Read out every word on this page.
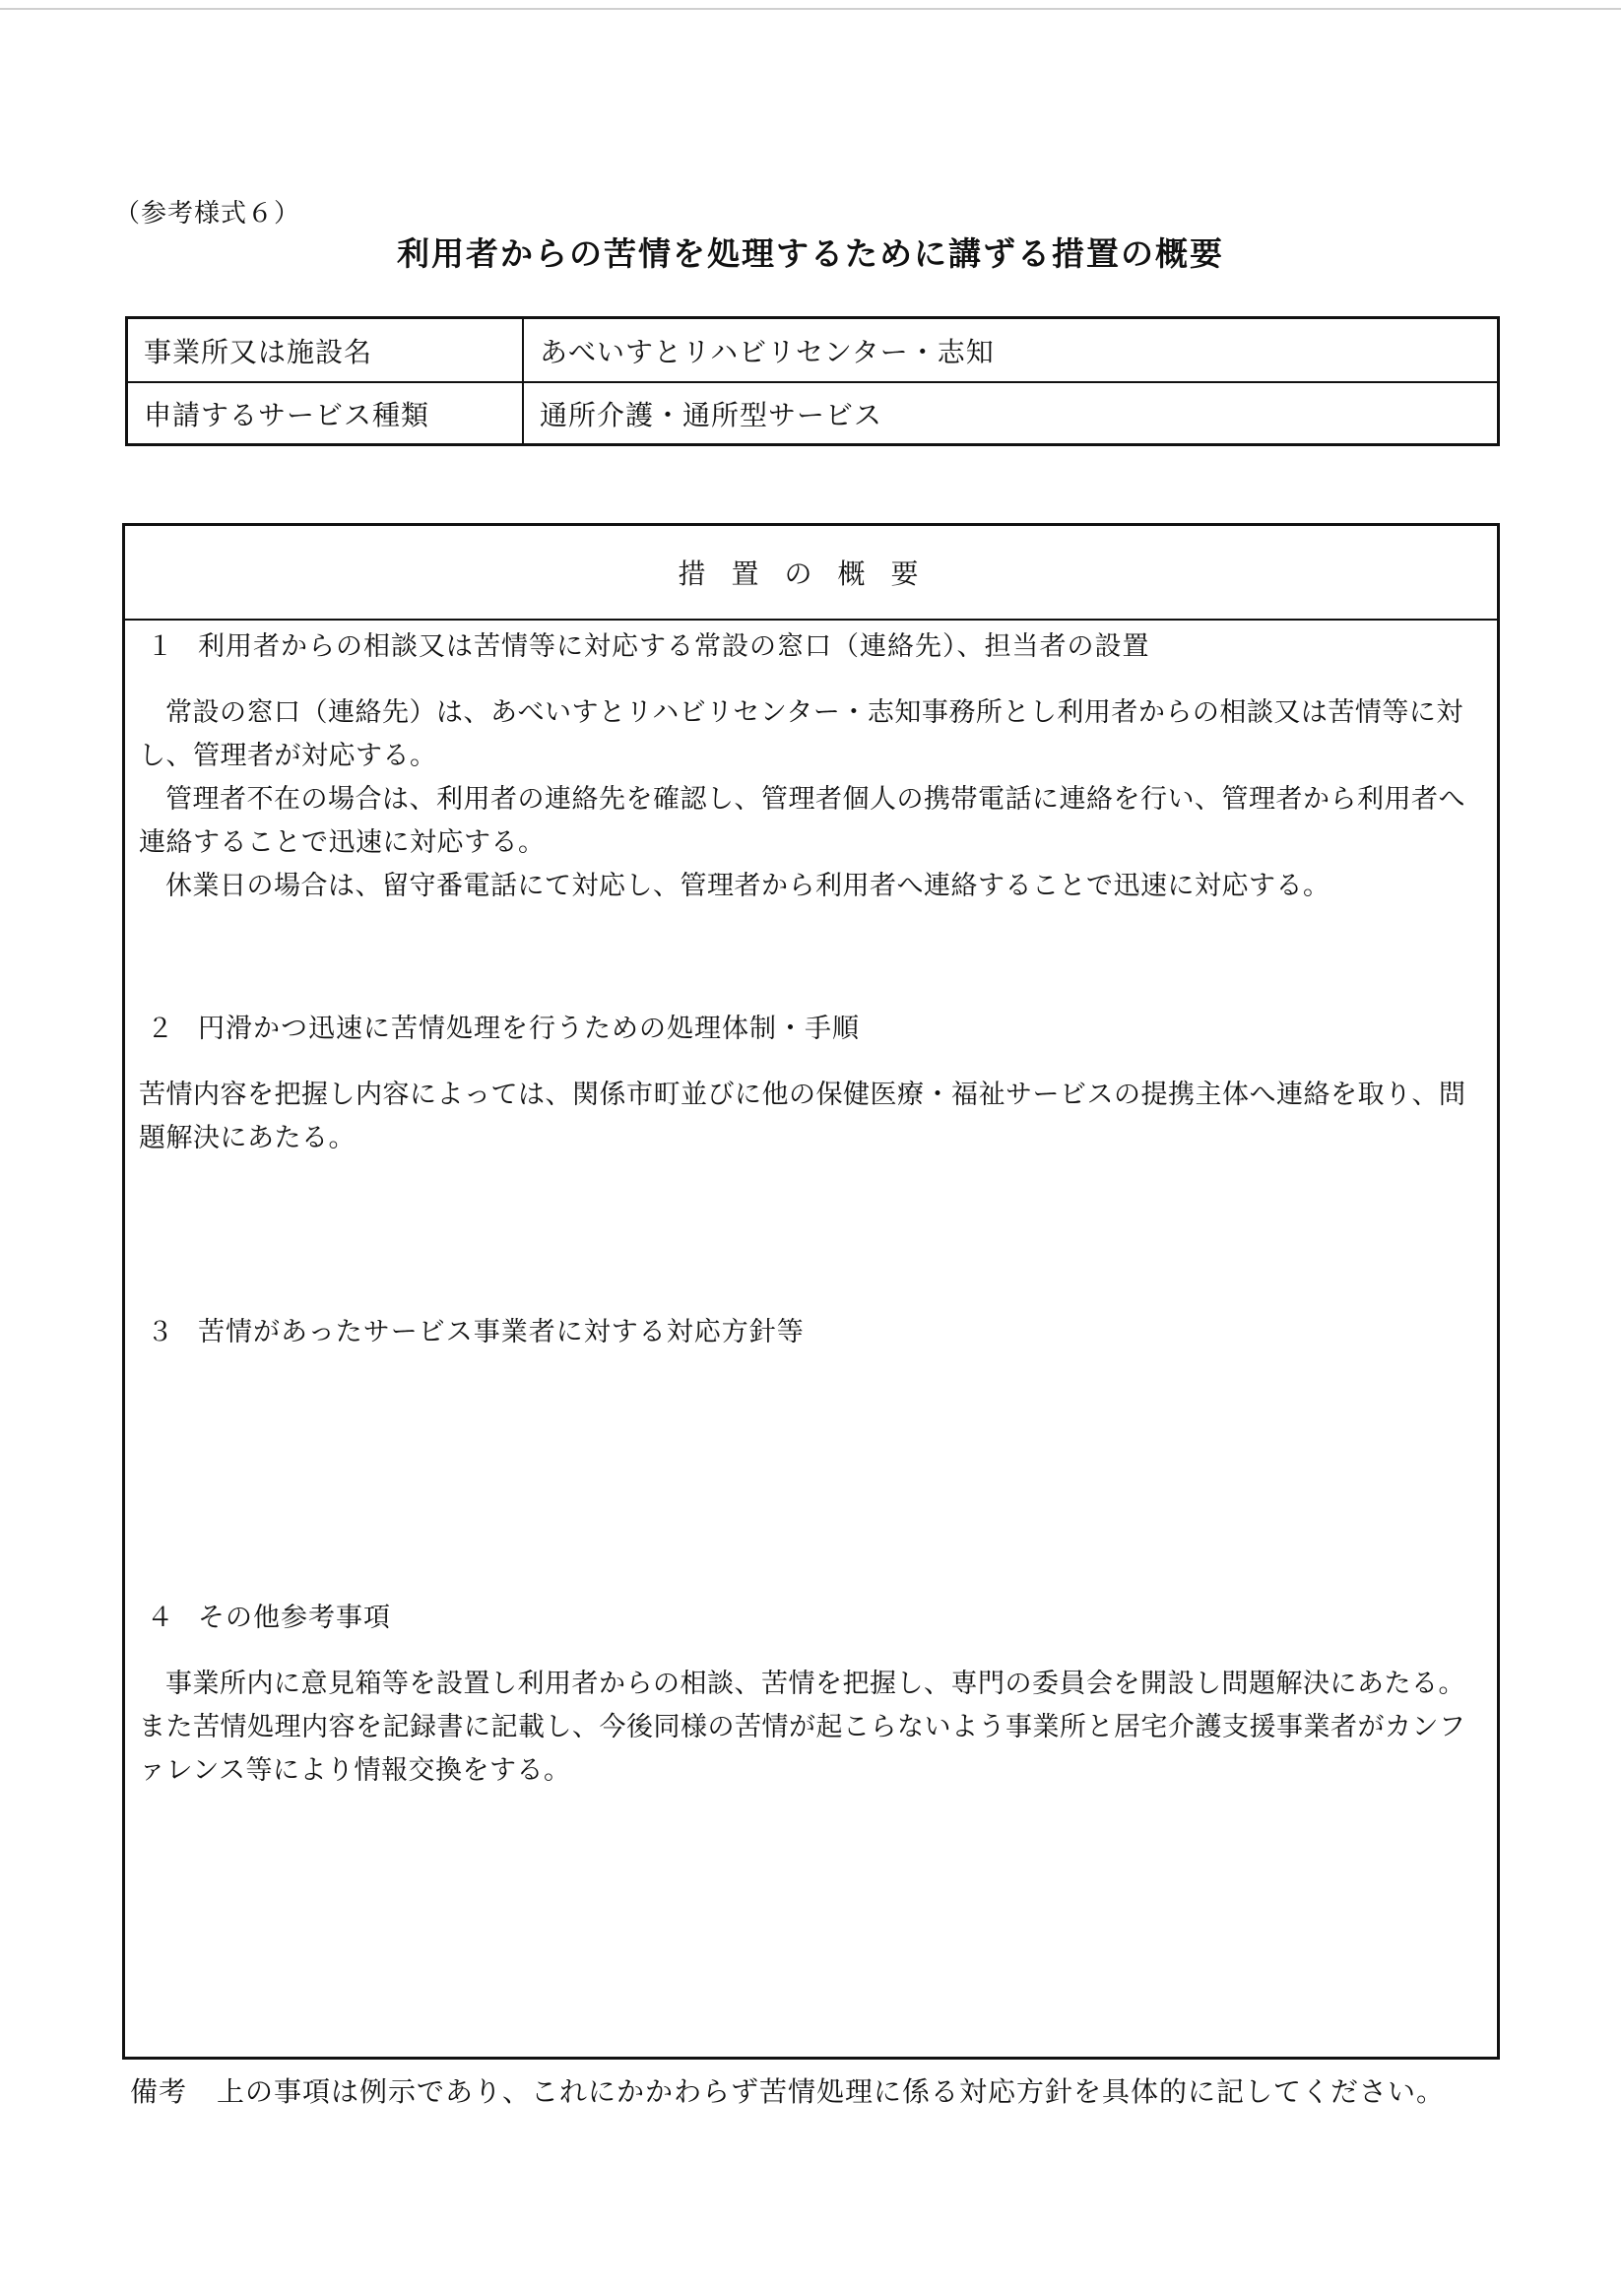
（参考様式６）
利用者からの苦情を処理するために講ずる措置の概要
事業所又は施設名	あべいすとリハビリセンター・志知
申請するサービス種類	通所介護・通所型サービス
措置の概要
１ 利用者からの相談又は苦情等に対応する常設の窓口（連絡先）、担当者の設置

常設の窓口（連絡先）は、あべいすとリハビリセンター・志知事務所とし利用者からの相談又は苦情等に対し、管理者が対応する。

管理者不在の場合は、利用者の連絡先を確認し、管理者個人の携帯電話に連絡を行い、管理者から利用者へ連絡することで迅速に対応する。

休業日の場合は、留守番電話にて対応し、管理者から利用者へ連絡することで迅速に対応する。

２ 円滑かつ迅速に苦情処理を行うための処理体制・手順

苦情内容を把握し内容によっては、関係市町並びに他の保健医療・福祉サービスの提携主体へ連絡を取り、問題解決にあたる。

３ 苦情があったサービス事業者に対する対応方針等
４ その他参考事項

事業所内に意見箱等を設置し利用者からの相談、苦情を把握し、専門の委員会を開設し問題解決にあたる。また苦情処理内容を記録書に記載し、今後同様の苦情が起こらないよう事業所と居宅介護支援事業者がカンファレンス等により情報交換をする。

備考 上の事項は例示であり、これにかかわらず苦情処理に係る対応方針を具体的に記してください。
